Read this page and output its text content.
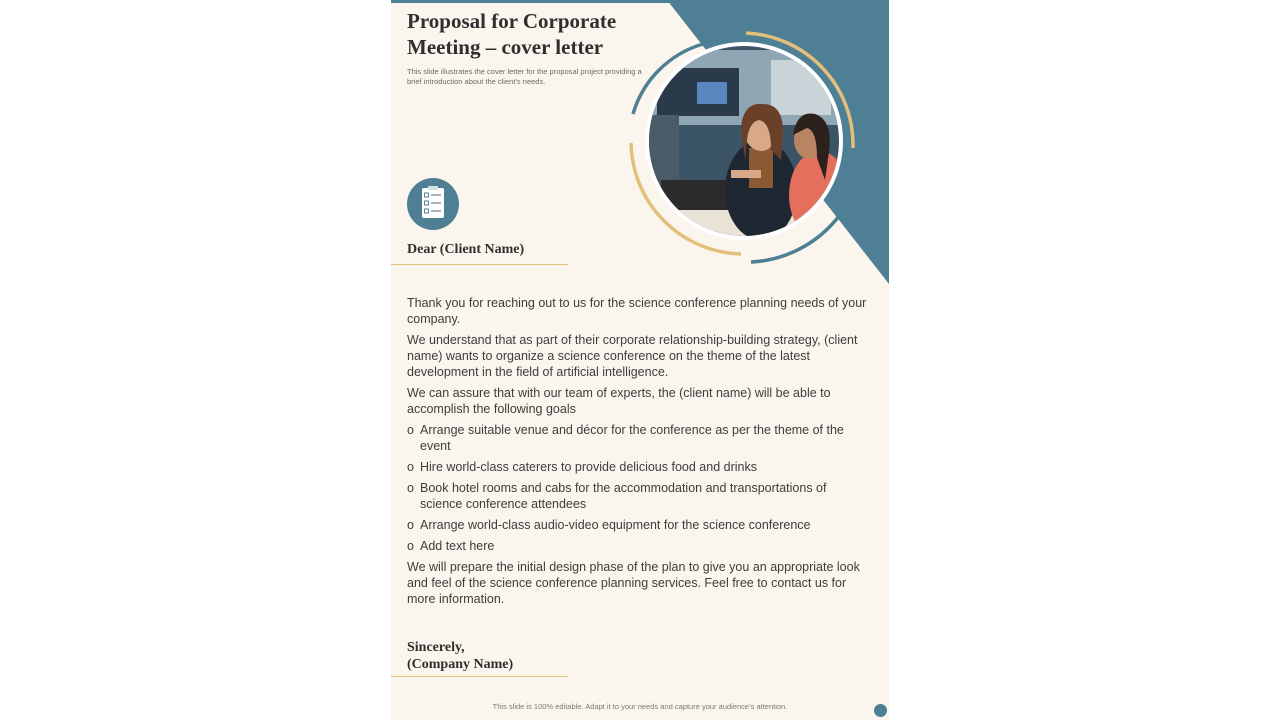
Proposal for Corporate Meeting – cover letter
This slide illustrates the cover letter for the proposal project providing a brief introduction about the client’s needs.
Dear (Client Name)

Thank you for reaching out to us for the science conference planning needs of your company.

We understand that as part of their corporate relationship-building strategy, (client name) wants to organize a science conference on the theme of the latest development in the field of artificial intelligence.

We can assure that with our team of experts, the (client name) will be able to accomplish the following goals

o Arrange suitable venue and décor for the conference as per the theme of the event
o Hire world-class caterers to provide delicious food and drinks
o Book hotel rooms and cabs for the accommodation and transportations of science conference attendees
o Arrange world-class audio-video equipment for the science conference
o Add text here

We will prepare the initial design phase of the plan to give you an appropriate look and feel of the science conference planning services. Feel free to contact us for more information.

Sincerely,
(Company Name)
This slide is 100% editable. Adapt it to your needs and capture your audience’s attention.
